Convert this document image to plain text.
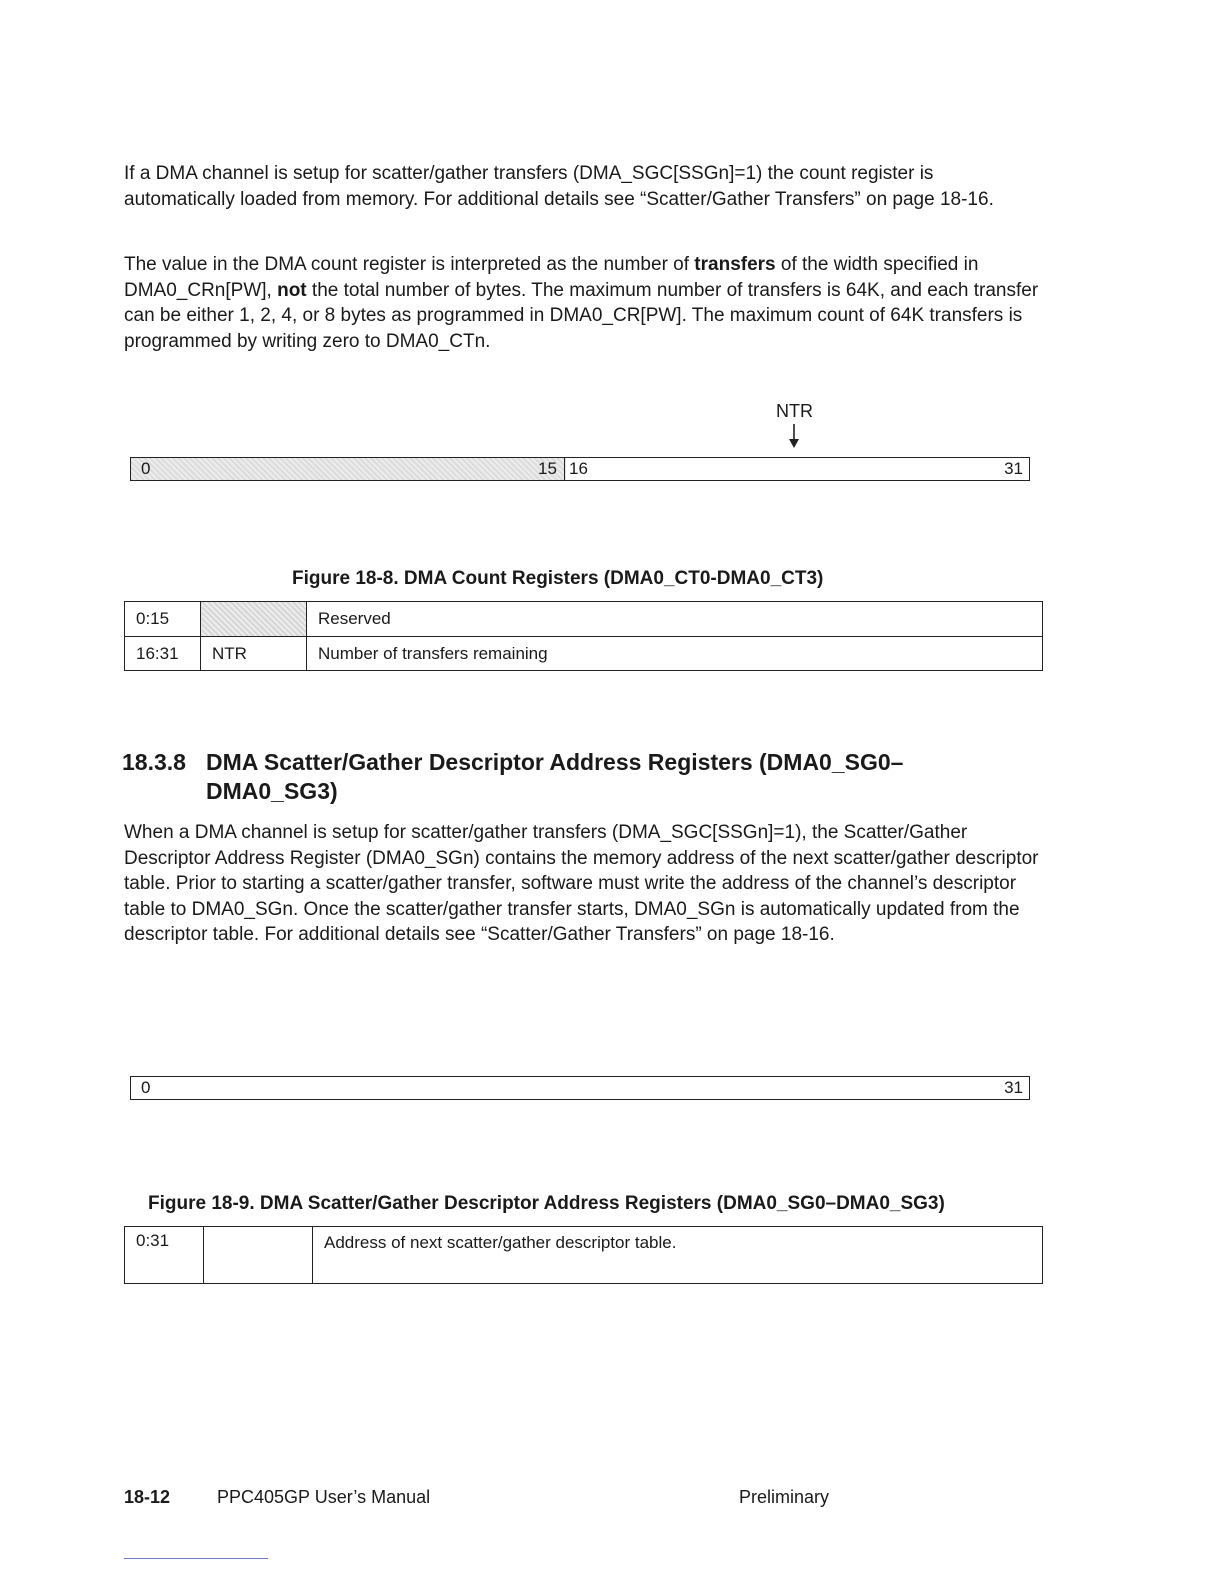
If a DMA channel is setup for scatter/gather transfers (DMA_SGC[SSGn]=1) the count register is automatically loaded from memory. For additional details see “Scatter/Gather Transfers” on page 18-16.

The value in the DMA count register is interpreted as the number of transfers of the width specified in DMA0_CRn[PW], not the total number of bytes. The maximum number of transfers is 64K, and each transfer can be either 1, 2, 4, or 8 bytes as programmed in DMA0_CR[PW]. The maximum count of 64K transfers is programmed by writing zero to DMA0_CTn.

NTR
0	15 16	31
Figure 18-8. DMA Count Registers (DMA0_CT0-DMA0_CT3)
0:15		Reserved
16:31	NTR	Number of transfers remaining
18.3.8 DMA Scatter/Gather Descriptor Address Registers (DMA0_SG0–DMA0_SG3)

When a DMA channel is setup for scatter/gather transfers (DMA_SGC[SSGn]=1), the Scatter/Gather Descriptor Address Register (DMA0_SGn) contains the memory address of the next scatter/gather descriptor table. Prior to starting a scatter/gather transfer, software must write the address of the channel’s descriptor table to DMA0_SGn. Once the scatter/gather transfer starts, DMA0_SGn is automatically updated from the descriptor table. For additional details see “Scatter/Gather Transfers” on page 18-16.

0	31
Figure 18-9. DMA Scatter/Gather Descriptor Address Registers (DMA0_SG0–DMA0_SG3)
0:31		Address of next scatter/gather descriptor table.
18-12	PPC405GP User’s Manual	Preliminary
